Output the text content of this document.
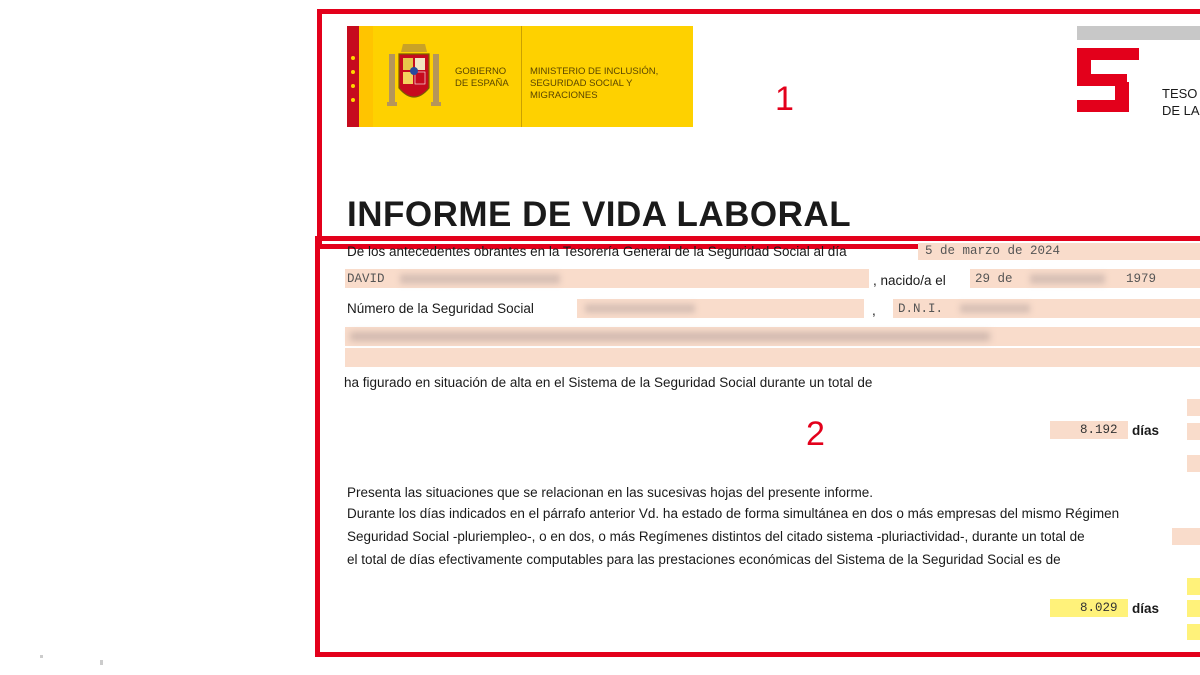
GOBIERNO DE ESPAÑA
MINISTERIO DE INCLUSIÓN, SEGURIDAD SOCIAL Y MIGRACIONES	TESO
DE LA
1
2
INFORME DE VIDA LABORAL
De los antecedentes obrantes en la Tesorería General de la Seguridad Social al día	5 de marzo de 2024
DAVID	, nacido/a el 29 de	1979
Número de la Seguridad Social	, D.N.I.
ha figurado en situación de alta en el Sistema de la Seguridad Social durante un total de
8.192 días
Presenta las situaciones que se relacionan en las sucesivas hojas del presente informe.
Durante los días indicados en el párrafo anterior Vd. ha estado de forma simultánea en dos o más empresas del mismo Régimen
Seguridad Social -pluriempleo-, o en dos, o más Regímenes distintos del citado sistema -pluriactividad-, durante un total de
el total de días efectivamente computables para las prestaciones económicas del Sistema de la Seguridad Social es de
8.029 días
